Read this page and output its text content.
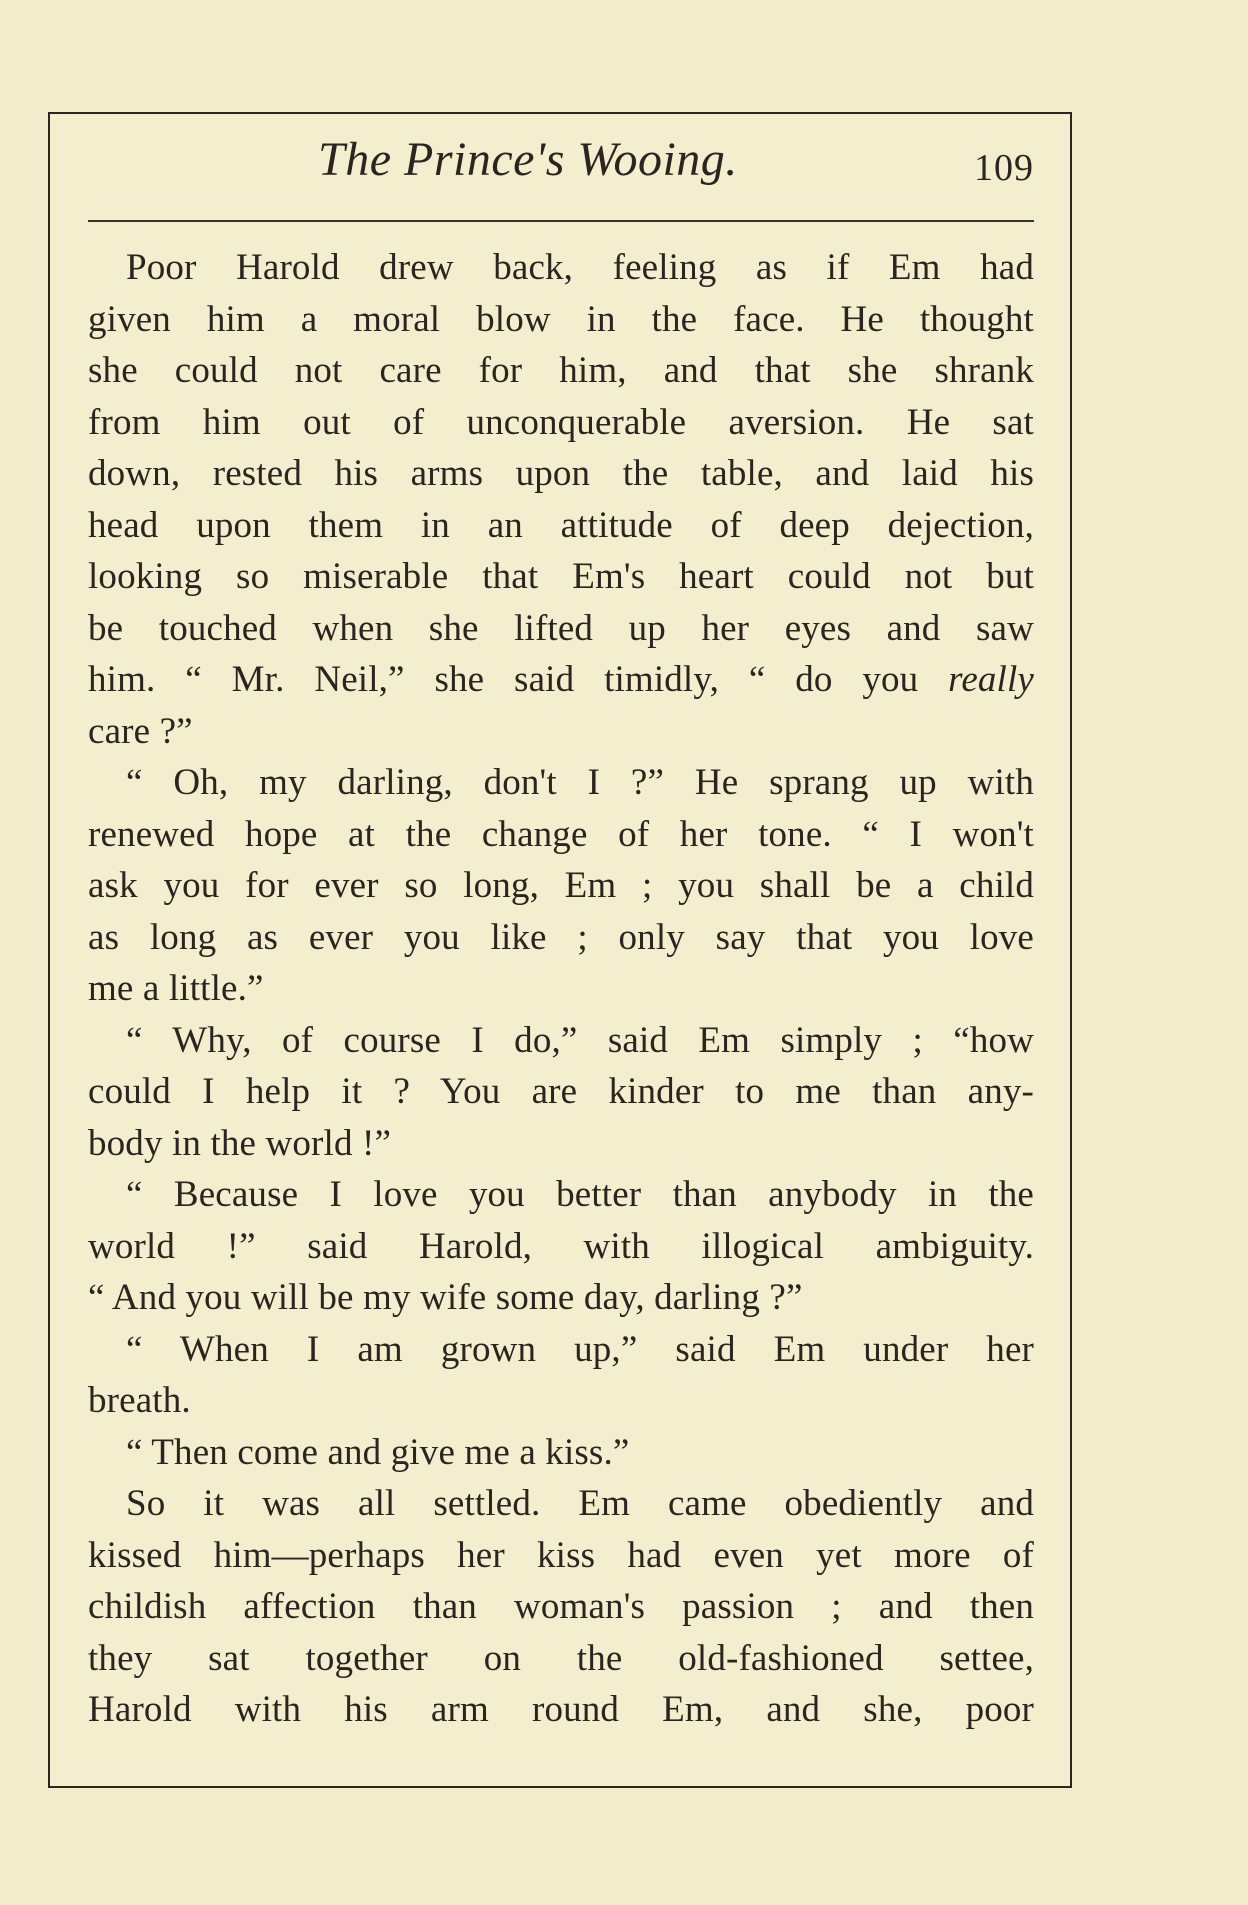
The Prince's Wooing.	109
Poor Harold drew back, feeling as if Em had
given him a moral blow in the face. He thought
she could not care for him, and that she shrank
from him out of unconquerable aversion. He sat
down, rested his arms upon the table, and laid his
head upon them in an attitude of deep dejection,
looking so miserable that Em's heart could not but
be touched when she lifted up her eyes and saw
him. “ Mr. Neil,” she said timidly, “ do you really
care ?”
“ Oh, my darling, don't I ?” He sprang up with
renewed hope at the change of her tone. “ I won't
ask you for ever so long, Em ; you shall be a child
as long as ever you like ; only say that you love
me a little.”
“ Why, of course I do,” said Em simply ; “how
could I help it ? You are kinder to me than any-
body in the world !”
“ Because I love you better than anybody in the
world !” said Harold, with illogical ambiguity.
“ And you will be my wife some day, darling ?”
“ When I am grown up,” said Em under her
breath.
“ Then come and give me a kiss.”
So it was all settled. Em came obediently and
kissed him—perhaps her kiss had even yet more of
childish affection than woman's passion ; and then
they sat together on the old-fashioned settee,
Harold with his arm round Em, and she, poor
